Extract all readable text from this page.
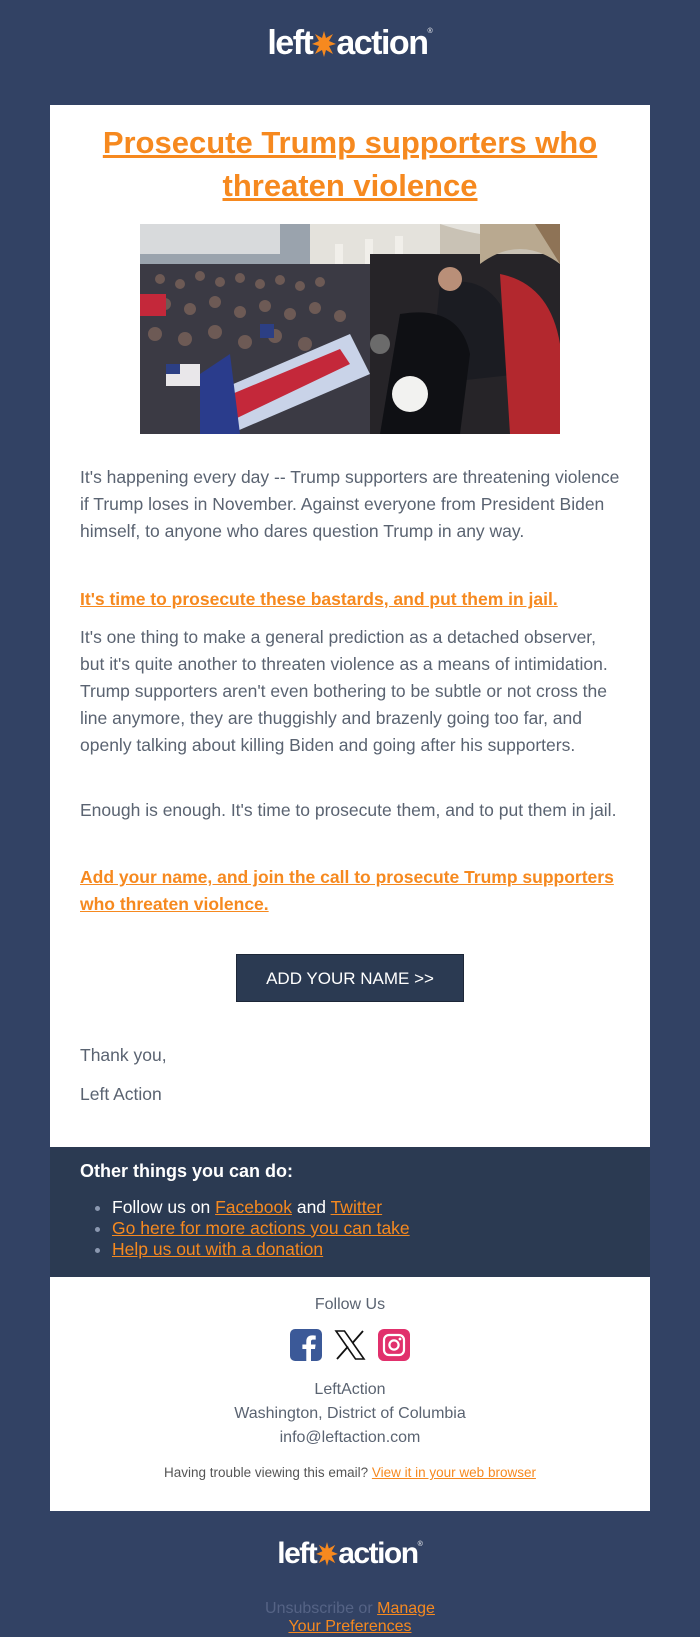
left action®
Prosecute Trump supporters who threaten violence

It's happening every day -- Trump supporters are threatening violence if Trump loses in November. Against everyone from President Biden himself, to anyone who dares question Trump in any way.

It's time to prosecute these bastards, and put them in jail.

It's one thing to make a general prediction as a detached observer, but it's quite another to threaten violence as a means of intimidation. Trump supporters aren't even bothering to be subtle or not cross the line anymore, they are thuggishly and brazenly going too far, and openly talking about killing Biden and going after his supporters.

Enough is enough. It's time to prosecute them, and to put them in jail.

Add your name, and join the call to prosecute Trump supporters who threaten violence.

ADD YOUR NAME >>

Thank you,

Left Action

Other things you can do:

• Follow us on Facebook and Twitter
• Go here for more actions you can take
• Help us out with a donation
Follow Us

LeftAction
Washington, District of Columbia
info@leftaction.com
Having trouble viewing this email? View it in your web browser
left action®
Unsubscribe or Manage Your Preferences
